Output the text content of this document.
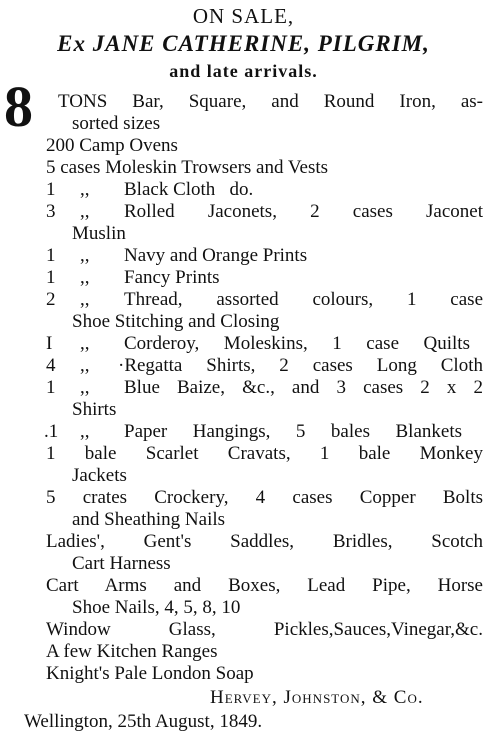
ON SALE,
Ex JANE CATHERINE, PILGRIM,
and late arrivals.
8 TONS Bar, Square, and Round Iron, as-
sorted sizes
200 Camp Ovens
5 cases Moleskin Trowsers and Vests
1 ,, Black Cloth   do.
3 ,, Rolled Jaconets, 2 cases Jaconet
Muslin
1 ,, Navy and Orange Prints
1 ,, Fancy Prints
2 ,, Thread, assorted colours, 1 case
Shoe Stitching and Closing
I ,, Corderoy, Moleskins, 1 case Quilts
4 ,, ·Regatta Shirts, 2 cases Long Cloth
1 ,, Blue Baize, &c., and 3 cases 2 x 2
Shirts
.1 ,, Paper Hangings, 5 bales Blankets
1 bale Scarlet Cravats, 1 bale Monkey
Jackets
5 crates Crockery, 4 cases Copper Bolts
and Sheathing Nails
Ladies', Gent's Saddles, Bridles, Scotch
Cart Harness
Cart Arms and Boxes, Lead Pipe, Horse
Shoe Nails, 4, 5, 8, 10
Window Glass, Pickles,Sauces,Vinegar,&c.
A few Kitchen Ranges
Knight's Pale London Soap
Hervey, Johnston, & Co.
Wellington, 25th August, 1849.
